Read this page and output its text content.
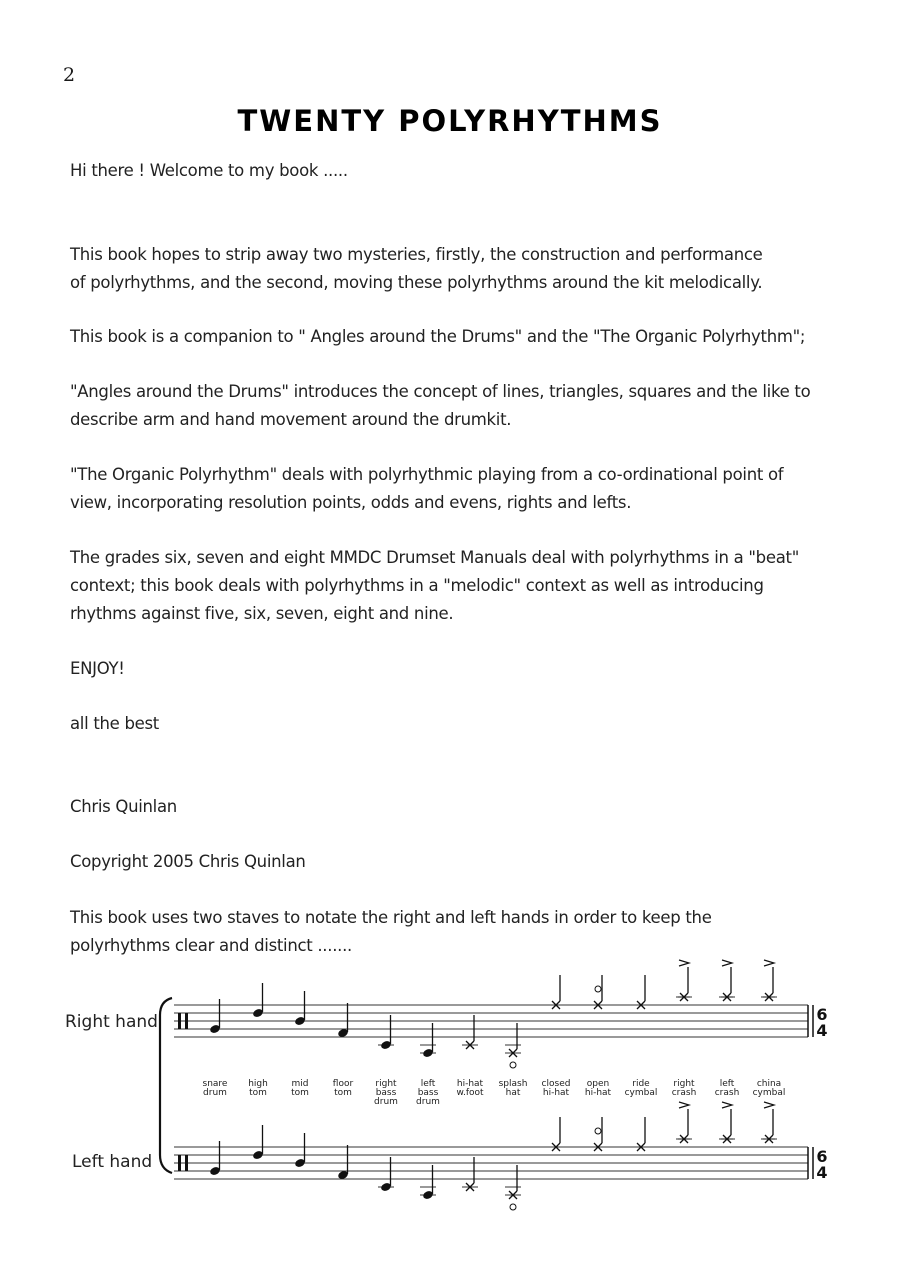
2
TWENTY POLYRHYTHMS
Hi there ! Welcome to my book .....
This book hopes to strip away two mysteries, firstly, the construction and performance
of polyrhythms, and the second, moving these polyrhythms around the kit melodically.
This book is a companion to " Angles around the Drums" and the "The Organic Polyrhythm";
"Angles around the Drums" introduces the concept of lines, triangles, squares and the like to
describe arm and hand movement around the drumkit.
"The Organic Polyrhythm" deals with polyrhythmic playing from a co-ordinational point of
view, incorporating resolution points, odds and evens, rights and lefts.
The grades six, seven and eight MMDC Drumset Manuals deal with polyrhythms in a "beat"
context; this book deals with polyrhythms in a "melodic" context as well as introducing
rhythms against five, six, seven, eight and nine.
ENJOY!
all the best
Chris Quinlan
Copyright 2005 Chris Quinlan
This book uses two staves to notate the right and left hands in order to keep the
polyrhythms clear and distinct .......
Right hand
Left hand
6
4
6
4
snare drum
high tom
mid tom
floor tom
right bass drum
left bass drum
hi-hat w.foot
splash hat
closed hi-hat
open hi-hat
ride cymbal
right crash
left crash
china cymbal
